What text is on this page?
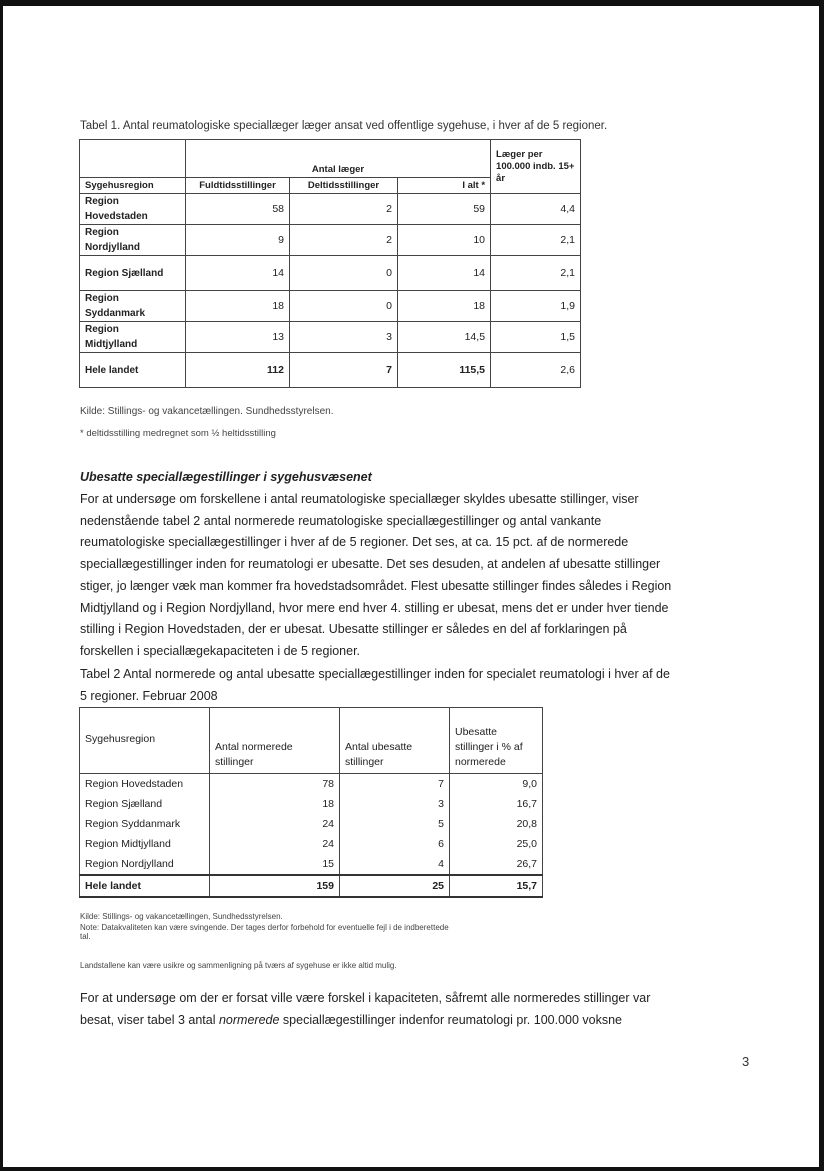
Tabel 1. Antal reumatologiske speciallæger læger ansat ved offentlige sygehuse, i hver af de 5 regioner.
	Antal læger			Læger per 100.000 indb. 15+ år
Sygehusregion	Fuldtidsstillinger	Deltidsstillinger	I alt *	
Region
Hovedstaden	58	2	59	4,4
Region
Nordjylland	9	2	10	2,1
Region Sjælland	14	0	14	2,1
Region
Syddanmark	18	0	18	1,9
Region
Midtjylland	13	3	14,5	1,5
Hele landet	112	7	115,5	2,6
Kilde: Stillings- og vakancetællingen. Sundhedsstyrelsen.
* deltidsstilling medregnet som ½ heltidsstilling
Ubesatte speciallægestillinger i sygehusvæsenet
For at undersøge om forskellene i antal reumatologiske speciallæger skyldes ubesatte stillinger, viser
nedenstående tabel 2 antal normerede reumatologiske speciallægestillinger og antal vankante
reumatologiske speciallægestillinger i hver af de 5 regioner. Det ses, at ca. 15 pct. af de normerede
speciallægestillinger inden for reumatologi er ubesatte. Det ses desuden, at andelen af ubesatte stillinger
stiger, jo længer væk man kommer fra hovedstadsområdet. Flest ubesatte stillinger findes således i Region
Midtjylland og i Region Nordjylland, hvor mere end hver 4. stilling er ubesat, mens det er under hver tiende
stilling i Region Hovedstaden, der er ubesat. Ubesatte stillinger er således en del af forklaringen på
forskellen i speciallægekapaciteten i de 5 regioner.
Tabel 2 Antal normerede og antal ubesatte speciallægestillinger inden for specialet reumatologi i hver af de
5 regioner. Februar 2008
Sygehusregion	Antal normerede stillinger	Antal ubesatte stillinger	Ubesatte stillinger i % af normerede
Region Hovedstaden	78	7	9,0
Region Sjælland	18	3	16,7
Region Syddanmark	24	5	20,8
Region Midtjylland	24	6	25,0
Region Nordjylland	15	4	26,7
Hele landet	159	25	15,7
Kilde: Stillings- og vakancetællingen, Sundhedsstyrelsen.
Note: Datakvaliteten kan være svingende. Der tages derfor forbehold for eventuelle fejl i de indberettede
tal.
Landstallene kan være usikre og sammenligning på tværs af sygehuse er ikke altid mulig.
For at undersøge om der er forsat ville være forskel i kapaciteten, såfremt alle normeredes stillinger var
besat, viser tabel 3 antal normerede speciallægestillinger indenfor reumatologi pr. 100.000 voksne
3
